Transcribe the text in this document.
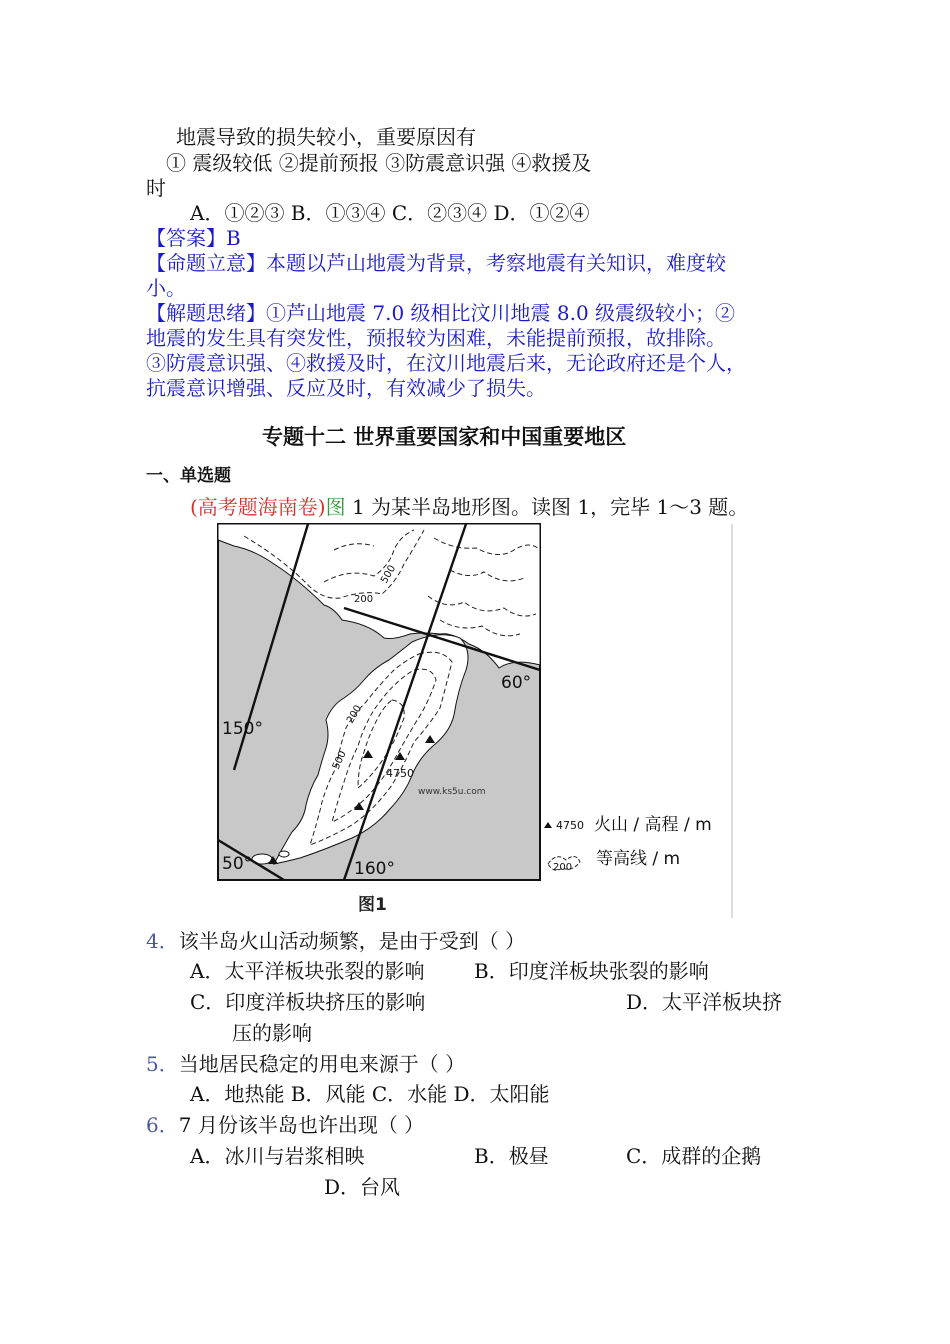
地震导致的损失较小，重要原因有
① 震级较低 ②提前预报 ③防震意识强 ④救援及
时
A．①②③ B．①③④ C．②③④ D．①②④
【答案】B
【命题立意】本题以芦山地震为背景，考察地震有关知识，难度较
小。
【解题思绪】①芦山地震 7.0 级相比汶川地震 8.0 级震级较小；②
地震的发生具有突发性，预报较为困难，未能提前预报，故排除。
③防震意识强、④救援及时，在汶川地震后来，无论政府还是个人，
抗震意识增强、反应及时，有效减少了损失。
专题十二 世界重要国家和中国重要地区
一、单选题
(高考题海南卷)图 1 为某半岛地形图。读图 1，完毕 1～3 题。
60°
150°
50°	160°
200
500
200
500
4750
www.ks5u.com
4750 火山 / 高程 / m
200 等高线 / m
图1
4．该半岛火山活动频繁，是由于受到（ ）
A．太平洋板块张裂的影响 B．印度洋板块张裂的影响
C．印度洋板块挤压的影响	D．太平洋板块挤
压的影响
5．当地居民稳定的用电来源于（ ）
A．地热能 B．风能 C．水能 D．太阳能
6．7 月份该半岛也许出现（ ）
A．冰川与岩浆相映	B．极昼	C．成群的企鹅
D．台风
